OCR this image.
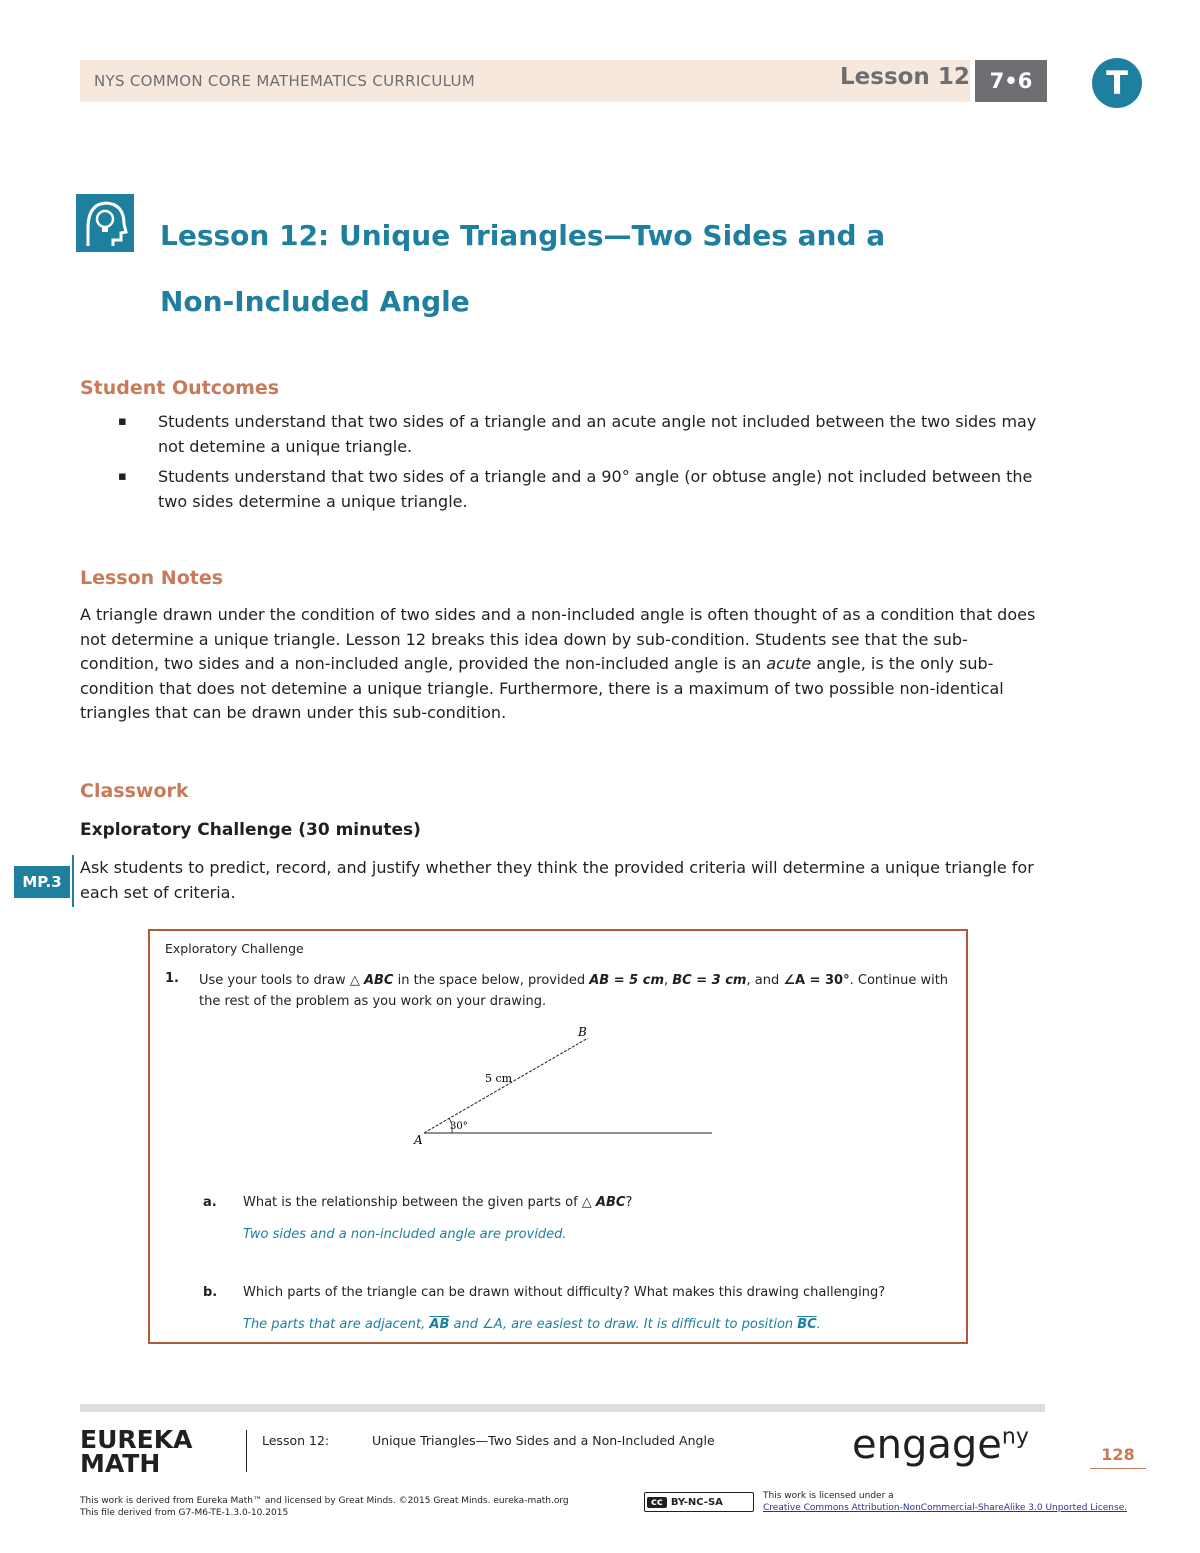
NYS COMMON CORE MATHEMATICS CURRICULUM	Lesson 12 7•6	T
Lesson 12: Unique Triangles—Two Sides and a
Non-Included Angle
Student Outcomes
▪ Students understand that two sides of a triangle and an acute angle not included between the two sides may not detemine a unique triangle.
▪ Students understand that two sides of a triangle and a 90° angle (or obtuse angle) not included between the two sides determine a unique triangle.
Lesson Notes
A triangle drawn under the condition of two sides and a non-included angle is often thought of as a condition that does not determine a unique triangle. Lesson 12 breaks this idea down by sub-condition. Students see that the sub-condition, two sides and a non-included angle, provided the non-included angle is an acute angle, is the only sub-condition that does not detemine a unique triangle. Furthermore, there is a maximum of two possible non-identical triangles that can be drawn under this sub-condition.
Classwork
Exploratory Challenge (30 minutes)
MP.3
Ask students to predict, record, and justify whether they think the provided criteria will determine a unique triangle for each set of criteria.
Exploratory Challenge
1. Use your tools to draw △ ABC in the space below, provided AB = 5 cm, BC = 3 cm, and ∠A = 30°. Continue with the rest of the problem as you work on your drawing.
B
A
5 cm
30°
a. What is the relationship between the given parts of △ ABC?
Two sides and a non-included angle are provided.
b. Which parts of the triangle can be drawn without difficulty? What makes this drawing challenging?
The parts that are adjacent, $\overline{AB}$ and ∠A, are easiest to draw. It is difficult to position $\overline{BC}$.
EUREKA
MATH
Lesson 12:	Unique Triangles—Two Sides and a Non-Included Angle	engage$^{ny}$
128
This work is derived from Eureka Math™ and licensed by Great Minds. ©2015 Great Minds. eureka-math.org
This file derived from G7-M6-TE-1.3.0-10.2015
cc BY-NC-SA
This work is licensed under a
Creative Commons Attribution-NonCommercial-ShareAlike 3.0 Unported License.
